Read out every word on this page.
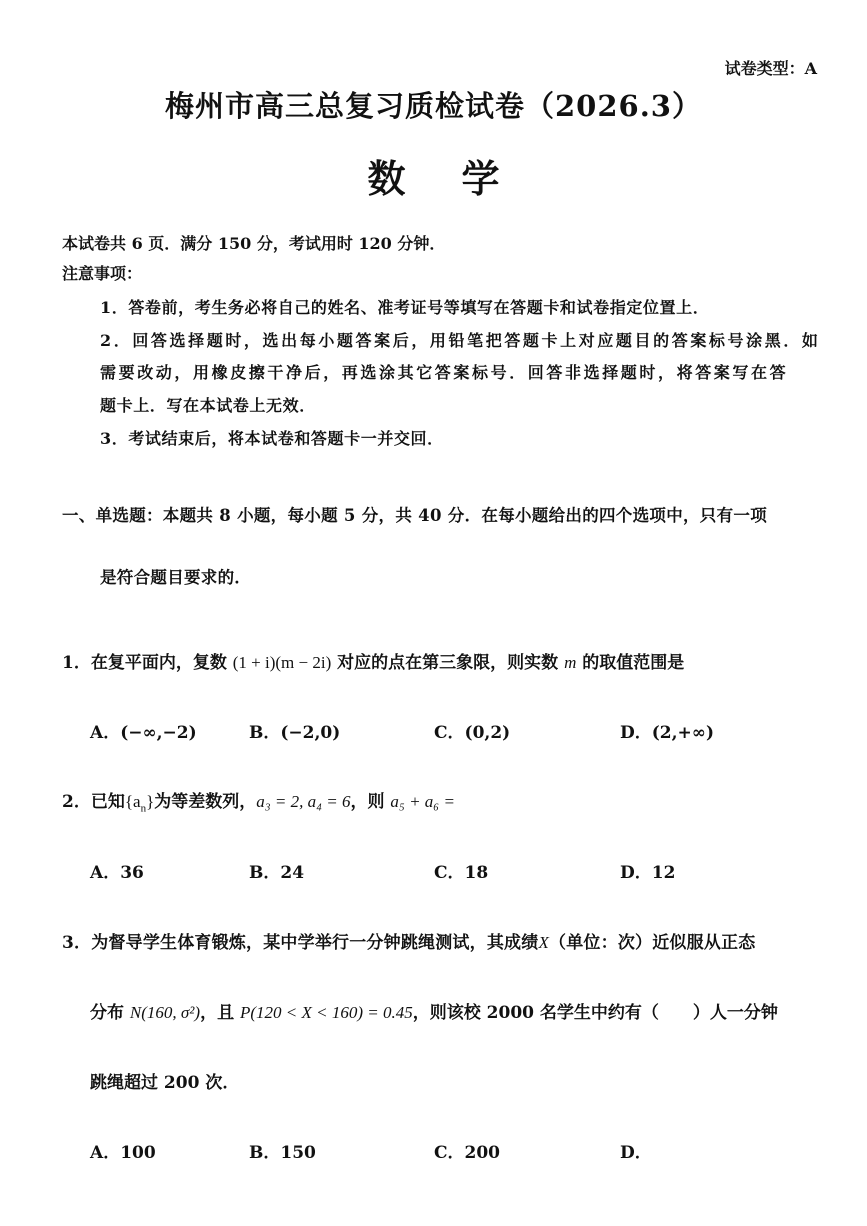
试卷类型：A
梅州市高三总复习质检试卷（2026.3）
数学
本试卷共 6 页．满分 150 分，考试用时 120 分钟．
注意事项：
1．答卷前，考生务必将自己的姓名、准考证号等填写在答题卡和试卷指定位置上．
2．回答选择题时，选出每小题答案后，用铅笔把答题卡上对应题目的答案标号涂黑．如
需要改动，用橡皮擦干净后，再选涂其它答案标号．回答非选择题时，将答案写在答
题卡上．写在本试卷上无效．
3．考试结束后，将本试卷和答题卡一并交回．
一、单选题：本题共 8 小题，每小题 5 分，共 40 分．在每小题给出的四个选项中，只有一项
是符合题目要求的．
1．在复平面内，复数 (1 + i)(m − 2i) 对应的点在第三象限，则实数 m 的取值范围是
A．(−∞,−2)	B．(−2,0)	C．(0,2)	D．(2,+∞)
2．已知$\{a_n\}$为等差数列，a₃ = 2, a₄ = 6，则 a₅ + a₆ =
A．36	B．24	C．18	D．12
3．为督导学生体育锻炼，某中学举行一分钟跳绳测试，其成绩X（单位：次）近似服从正态
分布 N(160, σ²)，且 P(120 < X < 160) = 0.45，则该校 2000 名学生中约有（　　）人一分钟
跳绳超过 200 次．
A．100	B．150	C．200	D．
